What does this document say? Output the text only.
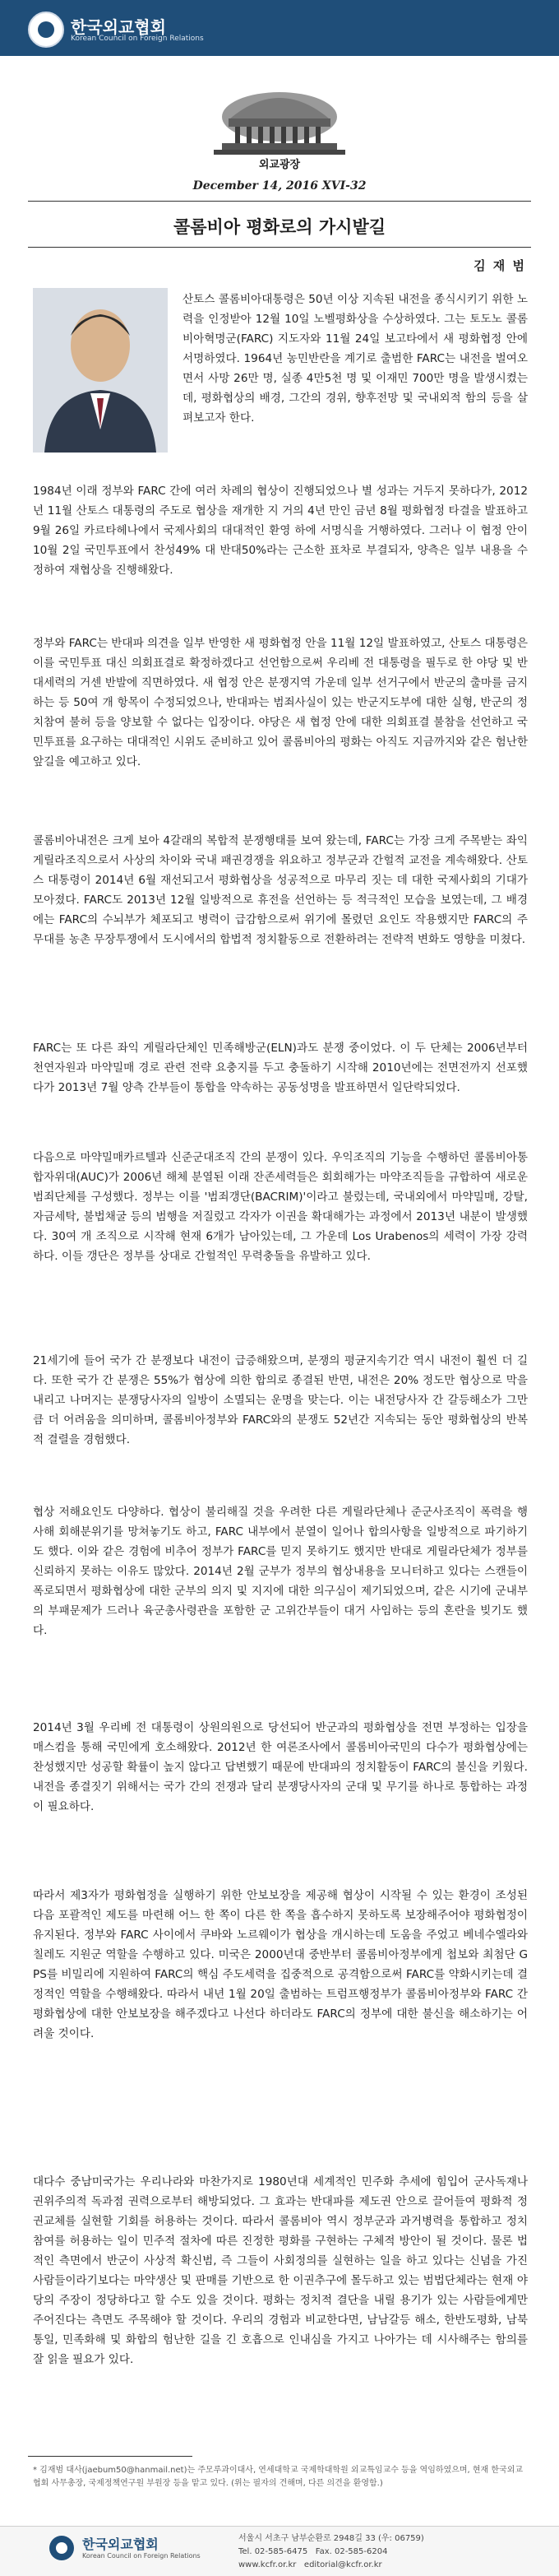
한국외교협회
Korean Council on Foreign Relations
외교광장
December 14, 2016 XVI-32
콜롬비아 평화로의 가시밭길
김 재 범

산토스 콜롬비아대통령은 50년 이상 지속된 내전을 종식시키기 위한 노력을 인정받아 12월 10일 노벨평화상을 수상하였다. 그는 토도노 콜롬비아혁명군(FARC) 지도자와 11월 24일 보고타에서 새 평화협정 안에 서명하였다. 1964년 농민반란을 계기로 출범한 FARC는 내전을 벌여오면서 사망 26만 명, 실종 4만5천 명 및 이재민 700만 명을 발생시켰는데, 평화협상의 배경, 그간의 경위, 향후전망 및 국내외적 함의 등을 살펴보고자 한다.

1984년 이래 정부와 FARC 간에 여러 차례의 협상이 진행되었으나 별 성과는 거두지 못하다가, 2012년 11월 산토스 대통령의 주도로 협상을 재개한 지 거의 4년 만인 금년 8월 평화협정 타결을 발표하고 9월 26일 카르타헤나에서 국제사회의 대대적인 환영 하에 서명식을 거행하였다. 그러나 이 협정 안이 10월 2일 국민투표에서 찬성49% 대 반대50%라는 근소한 표차로 부결되자, 양측은 일부 내용을 수정하여 재협상을 진행해왔다.

정부와 FARC는 반대파 의견을 일부 반영한 새 평화협정 안을 11월 12일 발표하였고, 산토스 대통령은 이를 국민투표 대신 의회표결로 확정하겠다고 선언함으로써 우리베 전 대통령을 필두로 한 야당 및 반대세력의 거센 반발에 직면하였다. 새 협정 안은 분쟁지역 가운데 일부 선거구에서 반군의 출마를 금지하는 등 50여 개 항목이 수정되었으나, 반대파는 범죄사실이 있는 반군지도부에 대한 실형, 반군의 정치참여 불허 등을 양보할 수 없다는 입장이다. 야당은 새 협정 안에 대한 의회표결 불참을 선언하고 국민투표를 요구하는 대대적인 시위도 준비하고 있어 콜롬비아의 평화는 아직도 지금까지와 같은 험난한 앞길을 예고하고 있다.

콜롬비아내전은 크게 보아 4갈래의 복합적 분쟁행태를 보여 왔는데, FARC는 가장 크게 주목받는 좌익 게릴라조직으로서 사상의 차이와 국내 패권경쟁을 위요하고 정부군과 간헐적 교전을 계속해왔다. 산토스 대통령이 2014년 6월 재선되고서 평화협상을 성공적으로 마무리 짓는 데 대한 국제사회의 기대가 모아졌다. FARC도 2013년 12월 일방적으로 휴전을 선언하는 등 적극적인 모습을 보였는데, 그 배경에는 FARC의 수뇌부가 체포되고 병력이 급감함으로써 위기에 몰렸던 요인도 작용했지만 FARC의 주 무대를 농촌 무장투쟁에서 도시에서의 합법적 정치활동으로 전환하려는 전략적 변화도 영향을 미쳤다.

FARC는 또 다른 좌익 게릴라단체인 민족해방군(ELN)과도 분쟁 중이었다. 이 두 단체는 2006년부터 천연자원과 마약밀매 경로 관련 전략 요충지를 두고 충돌하기 시작해 2010년에는 전면전까지 선포했다가 2013년 7월 양측 간부들이 통합을 약속하는 공동성명을 발표하면서 일단락되었다.

다음으로 마약밀매카르텔과 신준군대조직 간의 분쟁이 있다. 우익조직의 기능을 수행하던 콜롬비아통합자위대(AUC)가 2006년 해체 분열된 이래 잔존세력들은 회회해가는 마약조직들을 규합하여 새로운 범죄단체를 구성했다. 정부는 이를 '범죄갱단(BACRIM)'이라고 불렀는데, 국내외에서 마약밀매, 강탈, 자금세탁, 불법채굴 등의 범행을 저질렀고 각자가 이권을 확대해가는 과정에서 2013년 내분이 발생했다. 30여 개 조직으로 시작해 현재 6개가 남아있는데, 그 가운데 Los Urabenos의 세력이 가장 강력하다. 이들 갱단은 정부를 상대로 간헐적인 무력충돌을 유발하고 있다.

21세기에 들어 국가 간 분쟁보다 내전이 급증해왔으며, 분쟁의 평균지속기간 역시 내전이 훨씬 더 길다. 또한 국가 간 분쟁은 55%가 협상에 의한 합의로 종결된 반면, 내전은 20% 정도만 협상으로 막을 내리고 나머지는 분쟁당사자의 일방이 소멸되는 운명을 맞는다. 이는 내전당사자 간 갈등해소가 그만큼 더 어려움을 의미하며, 콜롬비아정부와 FARC와의 분쟁도 52년간 지속되는 동안 평화협상의 반복적 결렬을 경험했다.

협상 저해요인도 다양하다. 협상이 불리해질 것을 우려한 다른 게릴라단체나 준군사조직이 폭력을 행사해 회해분위기를 망쳐놓기도 하고, FARC 내부에서 분열이 일어나 합의사항을 일방적으로 파기하기도 했다. 이와 같은 경험에 비추어 정부가 FARC를 믿지 못하기도 했지만 반대로 게릴라단체가 정부를 신뢰하지 못하는 이유도 많았다. 2014년 2월 군부가 정부의 협상내용을 모니터하고 있다는 스캔들이 폭로되면서 평화협상에 대한 군부의 의지 및 지지에 대한 의구심이 제기되었으며, 같은 시기에 군내부의 부패문제가 드러나 육군총사령관을 포함한 군 고위간부들이 대거 사임하는 등의 혼란을 빚기도 했다.

2014년 3월 우리베 전 대통령이 상원의원으로 당선되어 반군과의 평화협상을 전면 부정하는 입장을 매스컴을 통해 국민에게 호소해왔다. 2012년 한 여론조사에서 콜롬비아국민의 다수가 평화협상에는 찬성했지만 성공할 확률이 높지 않다고 답변했기 때문에 반대파의 정치활동이 FARC의 불신을 키웠다. 내전을 종결짓기 위해서는 국가 간의 전쟁과 달리 분쟁당사자의 군대 및 무기를 하나로 통합하는 과정이 필요하다.

따라서 제3자가 평화협정을 실행하기 위한 안보보장을 제공해 협상이 시작될 수 있는 환경이 조성된 다음 포괄적인 제도를 마련해 어느 한 쪽이 다른 한 쪽을 흡수하지 못하도록 보장해주어야 평화협정이 유지된다. 정부와 FARC 사이에서 쿠바와 노르웨이가 협상을 개시하는데 도움을 주었고 베네수엘라와 칠레도 지원군 역할을 수행하고 있다. 미국은 2000년대 중반부터 콜롬비아정부에게 첩보와 최첨단 GPS를 비밀리에 지원하여 FARC의 핵심 주도세력을 집중적으로 공격함으로써 FARC를 약화시키는데 결정적인 역할을 수행해왔다. 따라서 내년 1월 20일 출범하는 트럼프행정부가 콜롬비아정부와 FARC 간 평화협상에 대한 안보보장을 해주겠다고 나선다 하더라도 FARC의 정부에 대한 불신을 해소하기는 어려울 것이다.

대다수 중남미국가는 우리나라와 마찬가지로 1980년대 세계적인 민주화 추세에 힘입어 군사독재나 권위주의적 독과점 권력으로부터 해방되었다. 그 효과는 반대파를 제도권 안으로 끌어들여 평화적 정권교체를 실현할 기회를 허용하는 것이다. 따라서 콜롬비아 역시 정부군과 과거병력을 통합하고 정치참여를 허용하는 일이 민주적 절차에 따른 진정한 평화를 구현하는 구체적 방안이 될 것이다. 물론 법적인 측면에서 반군이 사상적 확신범, 즉 그들이 사회정의를 실현하는 일을 하고 있다는 신념을 가진 사람들이라기보다는 마약생산 및 판매를 기반으로 한 이권추구에 몰두하고 있는 범법단체라는 현재 야당의 주장이 정당하다고 할 수도 있을 것이다. 평화는 정치적 결단을 내릴 용기가 있는 사람들에게만 주어진다는 측면도 주목해야 할 것이다. 우리의 경험과 비교한다면, 남남갈등 해소, 한반도평화, 남북통일, 민족화해 및 화합의 험난한 길을 긴 호흡으로 인내심을 가지고 나아가는 데 시사해주는 함의를 잘 읽을 필요가 있다.

* 김재범 대사(jaebum50@hanmail.net)는 주모루과이대사, 연세대학교 국제학대학원 외교특임교수 등을 역임하였으며, 현재 한국외교협회 사무총장, 국제정책연구원 부원장 등을 맡고 있다. (위는 필자의 견해며, 다른 의견을 환영함.)
한국외교협회
Korean Council on Foreign Relations
서울시 서초구 남부순환로 2948길 33 (우: 06759)
Tel. 02-585-6475 Fax. 02-585-6204
www.kcfr.or.kr editorial@kcfr.or.kr
